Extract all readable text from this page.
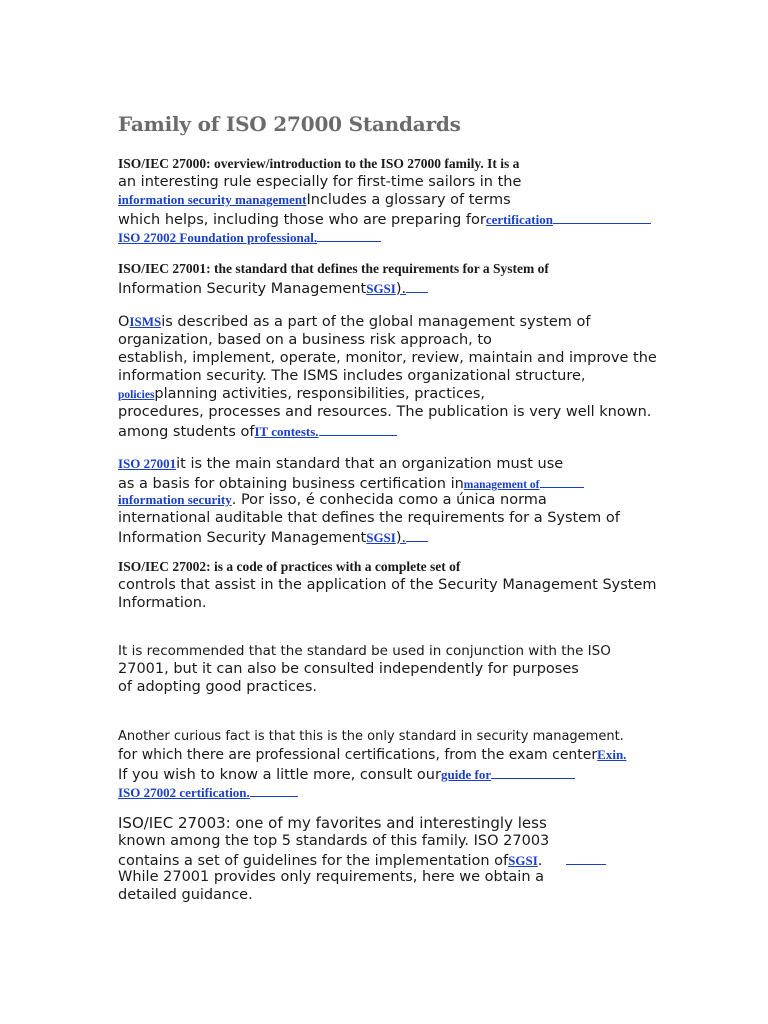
Family of ISO 27000 Standards
ISO/IEC 27000: overview/introduction to the ISO 27000 family. It is a
an interesting rule especially for first-time sailors in the
information security managementIncludes a glossary of terms
which helps, including those who are preparing forcertification
ISO 27002 Foundation professional.
ISO/IEC 27001: the standard that defines the requirements for a System of
Information Security ManagementSGSI).
OISMSis described as a part of the global management system of
organization, based on a business risk approach, to
establish, implement, operate, monitor, review, maintain and improve the
information security. The ISMS includes organizational structure,
policiesplanning activities, responsibilities, practices,
procedures, processes and resources. The publication is very well known.
among students ofIT contests.
ISO 27001it is the main standard that an organization must use
as a basis for obtaining business certification inmanagement of
information security. Por isso, é conhecida como a única norma
international auditable that defines the requirements for a System of
Information Security ManagementSGSI).
ISO/IEC 27002: is a code of practices with a complete set of
controls that assist in the application of the Security Management System
Information.
It is recommended that the standard be used in conjunction with the ISO
27001, but it can also be consulted independently for purposes
of adopting good practices.
Another curious fact is that this is the only standard in security management.
for which there are professional certifications, from the exam centerExin.
If you wish to know a little more, consult ourguide for
ISO 27002 certification.
ISO/IEC 27003: one of my favorites and interestingly less
known among the top 5 standards of this family. ISO 27003
contains a set of guidelines for the implementation ofSGSI.
While 27001 provides only requirements, here we obtain a
detailed guidance.
